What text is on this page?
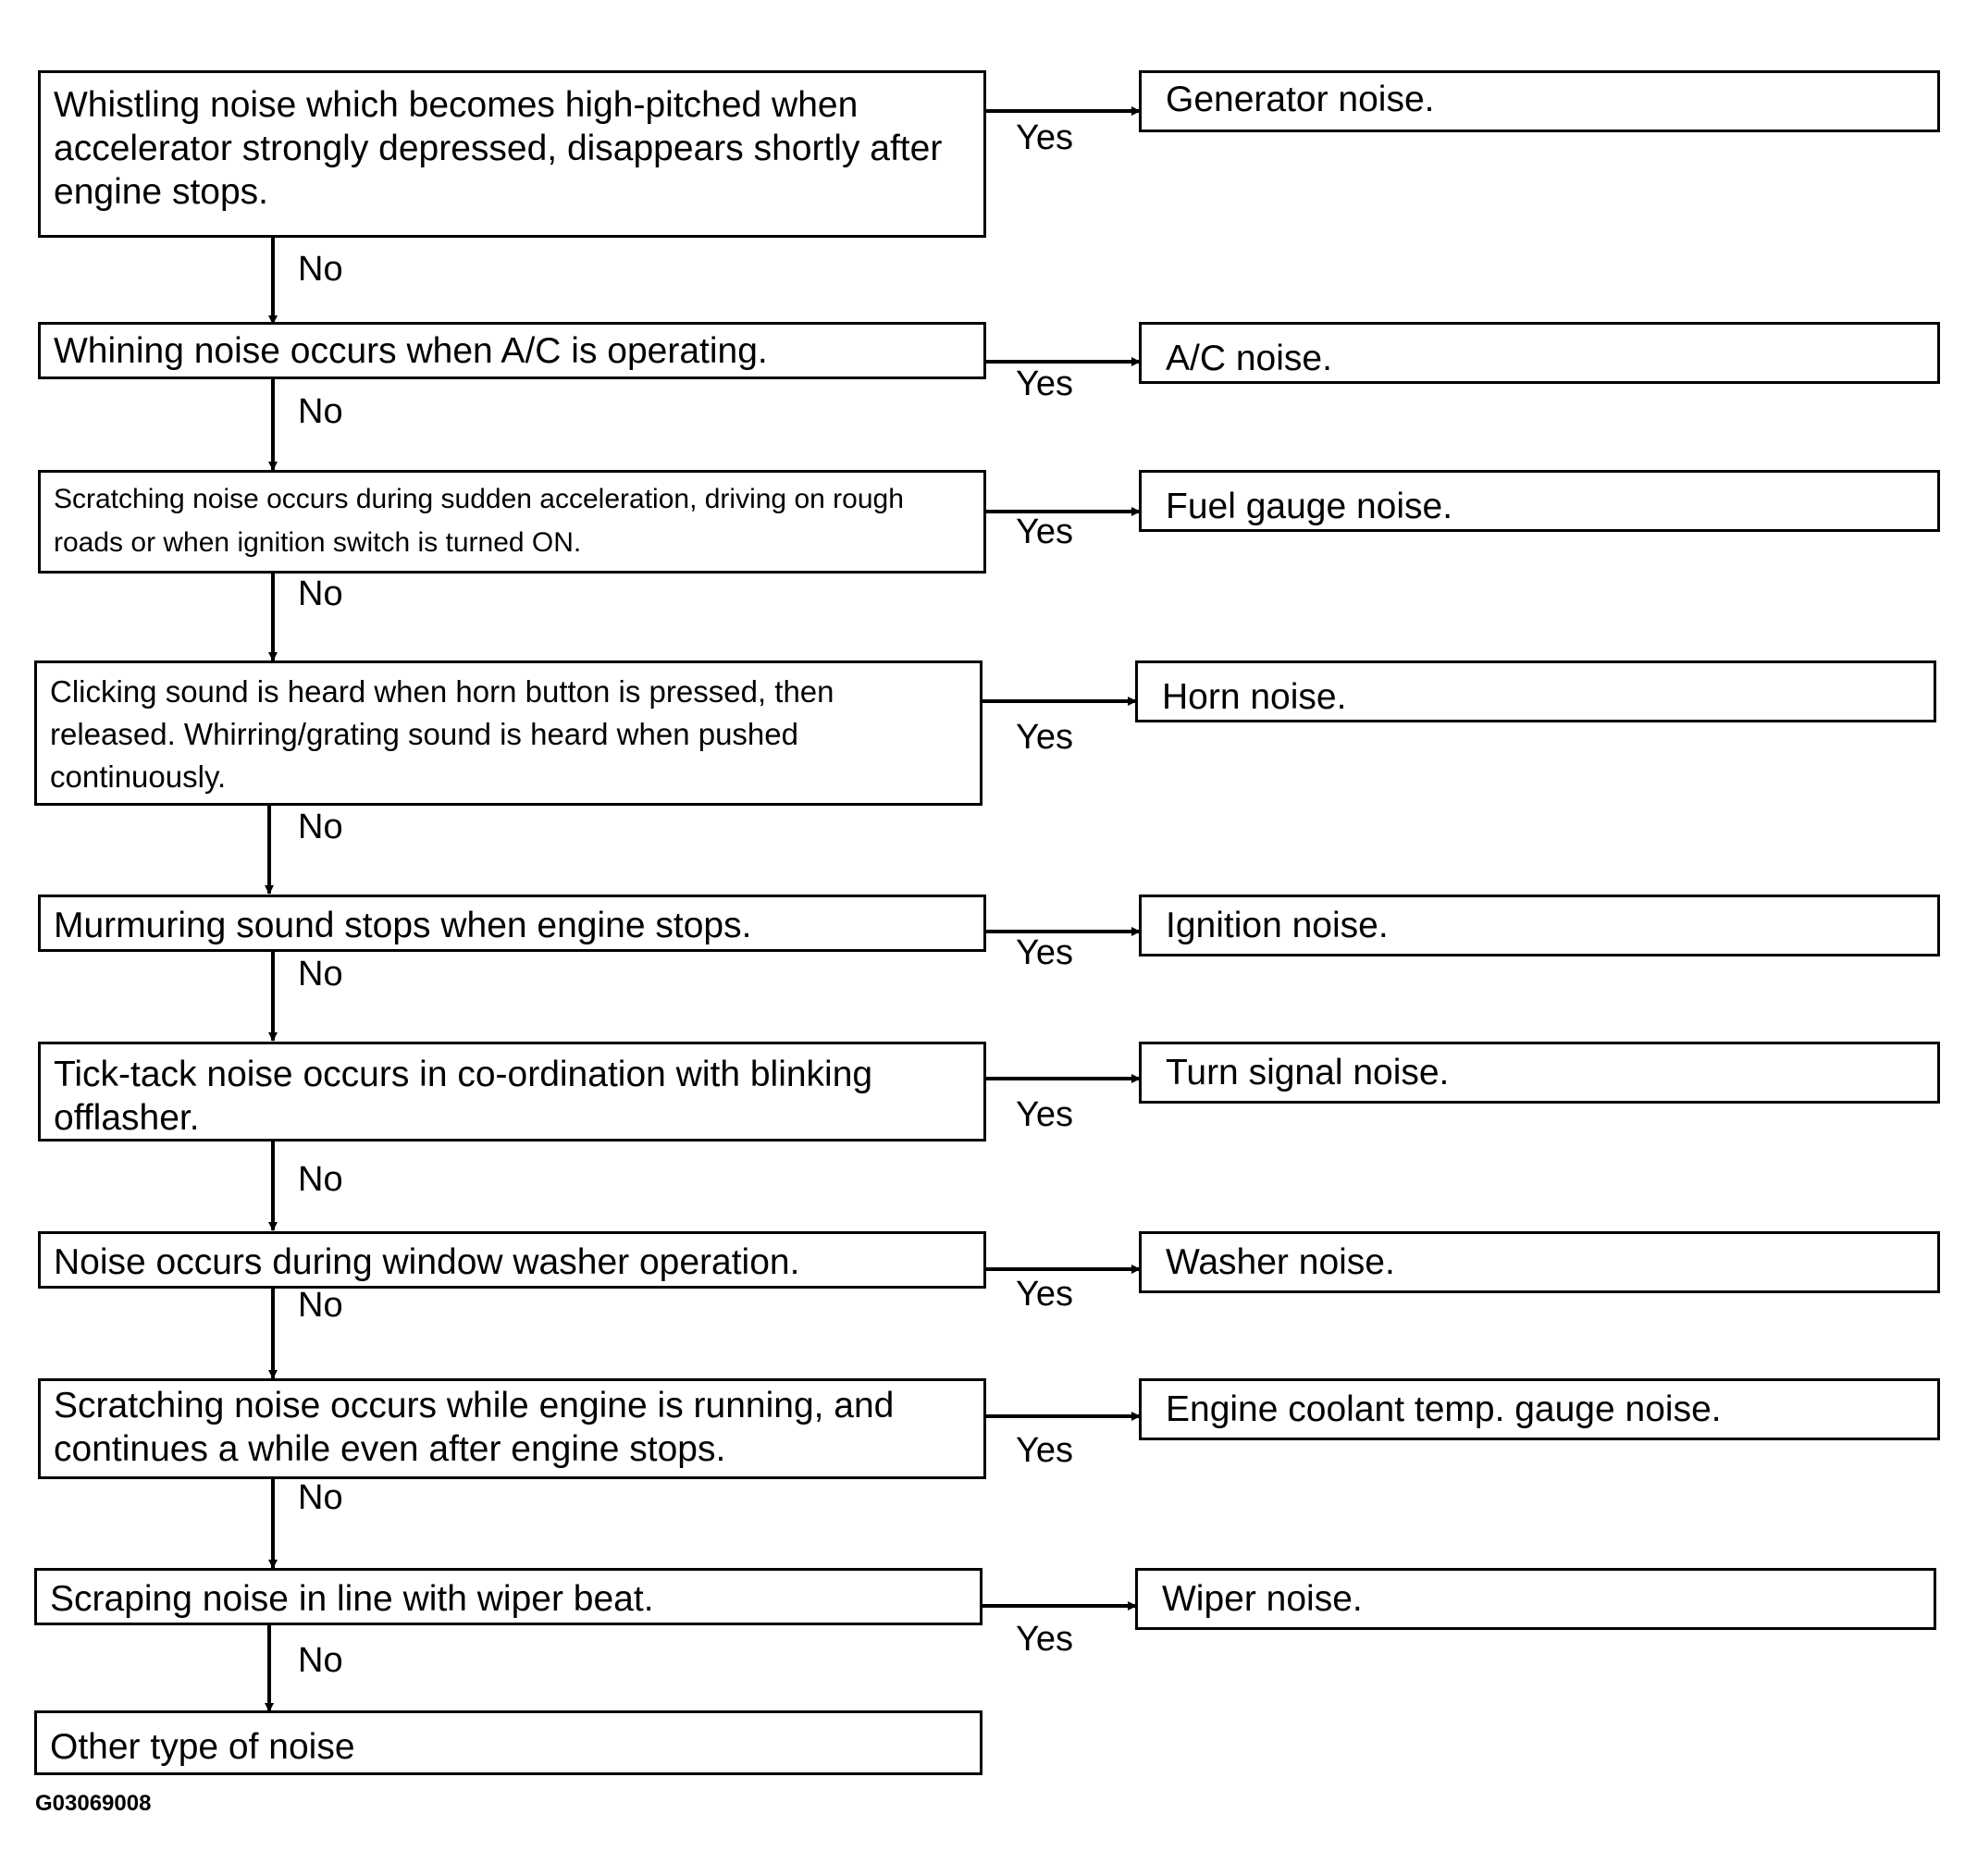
Whistling noise which becomes high-pitched when accelerator strongly depressed, disappears shortly after engine stops.
Whining noise occurs when A/C is operating.
Scratching noise occurs during sudden acceleration, driving on rough roads or when ignition switch is turned ON.
Clicking sound is heard when horn button is pressed, then released. Whirring/grating sound is heard when pushed continuously.
Murmuring sound stops when engine stops.
Tick-tack noise occurs in co-ordination with blinking offlasher.
Noise occurs during window washer operation.
Scratching noise occurs while engine is running, and continues a while even after engine stops.
Scraping noise in line with wiper beat.
Other type of noise
Generator noise.
A/C noise.
Fuel gauge noise.
Horn noise.
Ignition noise.
Turn signal noise.
Washer noise.
Engine coolant temp. gauge noise.
Wiper noise.
Yes
Yes
Yes
Yes
Yes
Yes
Yes
Yes
Yes
No
No
No
No
No
No
No
No
No
G03069008
